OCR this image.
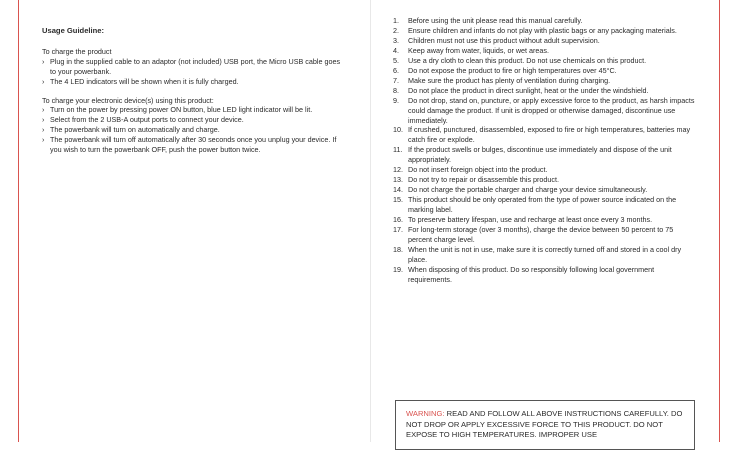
Usage Guideline:

To charge the product

› Plug in the supplied cable to an adaptor (not included) USB port, the Micro USB cable goes to your powerbank.
› The 4 LED indicators will be shown when it is fully charged.

To charge your electronic device(s) using this product:

› Turn on the power by pressing power ON button, blue LED light indicator will be lit.
› Select from the 2 USB-A output ports to connect your device.
› The powerbank will turn on automatically and charge.
› The powerbank will turn off automatically after 30 seconds once you unplug your device. If you wish to turn the powerbank OFF, push the power button twice.
1. Before using the unit please read this manual carefully.
2. Ensure children and infants do not play with plastic bags or any packaging materials.
3. Children must not use this product without adult supervision.
4. Keep away from water, liquids, or wet areas.
5. Use a dry cloth to clean this product. Do not use chemicals on this product.
6. Do not expose the product to fire or high temperatures over 45°C.
7. Make sure the product has plenty of ventilation during charging.
8. Do not place the product in direct sunlight, heat or the under the windshield.
9. Do not drop, stand on, puncture, or apply excessive force to the product, as harsh impacts could damage the product. If unit is dropped or otherwise damaged, discontinue use immediately.
10. If crushed, punctured, disassembled, exposed to fire or high temperatures, batteries may catch fire or explode.
11. If the product swells or bulges, discontinue use immediately and dispose of the unit appropriately.
12. Do not insert foreign object into the product.
13. Do not try to repair or disassemble this product.
14. Do not charge the portable charger and charge your device simultaneously.
15. This product should be only operated from the type of power source indicated on the marking label.
16. To preserve battery lifespan, use and recharge at least once every 3 months.
17. For long-term storage (over 3 months), charge the device between 50 percent to 75 percent charge level.
18. When the unit is not in use, make sure it is correctly turned off and stored in a cool dry place.
19. When disposing of this product. Do so responsibly following local government requirements.
WARNING: READ AND FOLLOW ALL ABOVE INSTRUCTIONS CAREFULLY. DO NOT DROP OR APPLY EXCESSIVE FORCE TO THIS PRODUCT. DO NOT EXPOSE TO HIGH TEMPERATURES. IMPROPER USE
